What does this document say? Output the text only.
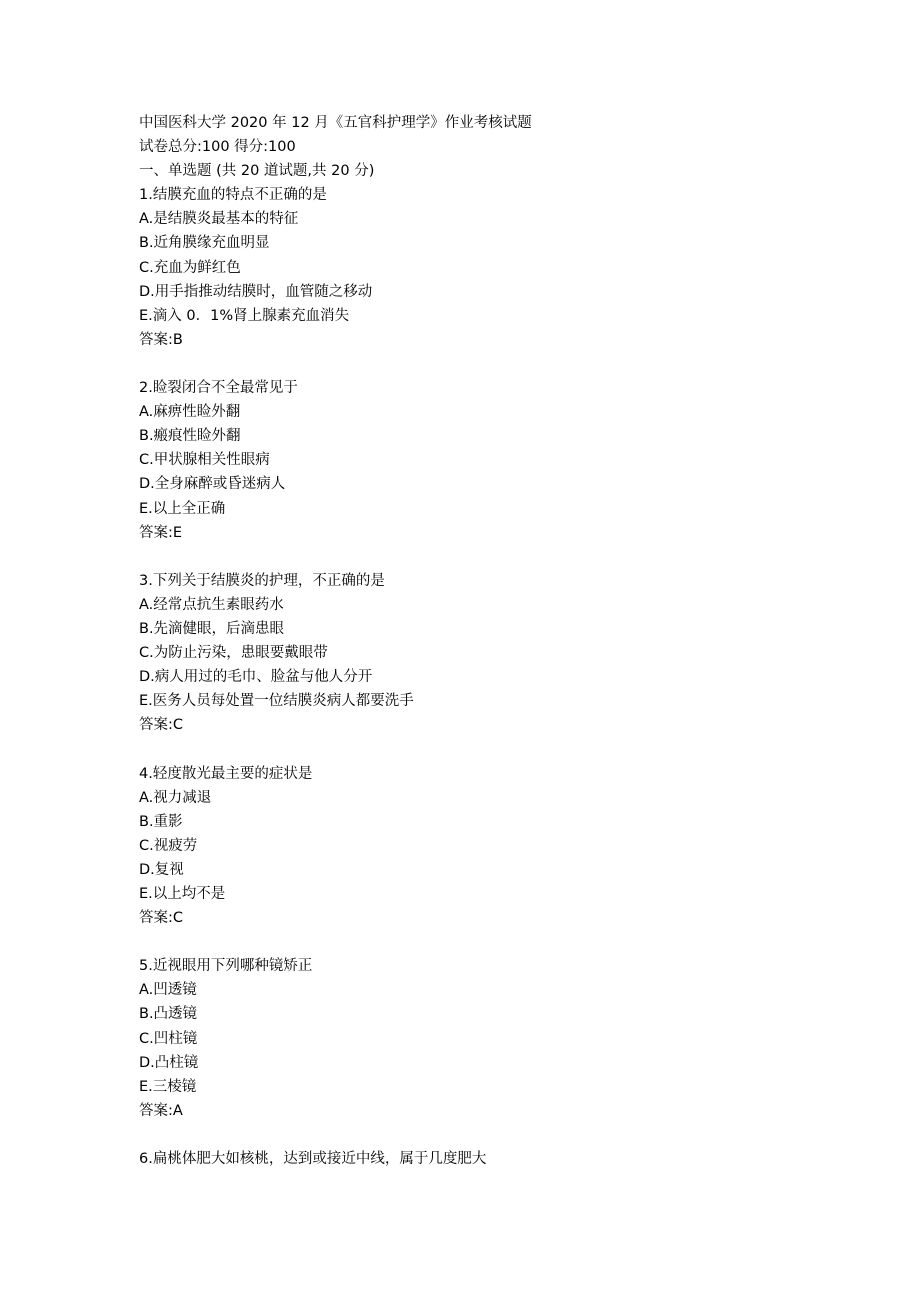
中国医科大学 2020 年 12 月《五官科护理学》作业考核试题
试卷总分:100 得分:100
一、单选题 (共 20 道试题,共 20 分)
1.结膜充血的特点不正确的是
A.是结膜炎最基本的特征
B.近角膜缘充血明显
C.充血为鲜红色
D.用手指推动结膜时，血管随之移动
E.滴入 0．1%肾上腺素充血消失
答案:B
2.睑裂闭合不全最常见于
A.麻痹性睑外翻
B.瘢痕性睑外翻
C.甲状腺相关性眼病
D.全身麻醉或昏迷病人
E.以上全正确
答案:E
3.下列关于结膜炎的护理，不正确的是
A.经常点抗生素眼药水
B.先滴健眼，后滴患眼
C.为防止污染，患眼要戴眼带
D.病人用过的毛巾、脸盆与他人分开
E.医务人员每处置一位结膜炎病人都要洗手
答案:C
4.轻度散光最主要的症状是
A.视力减退
B.重影
C.视疲劳
D.复视
E.以上均不是
答案:C
5.近视眼用下列哪种镜矫正
A.凹透镜
B.凸透镜
C.凹柱镜
D.凸柱镜
E.三棱镜
答案:A
6.扁桃体肥大如核桃，达到或接近中线，属于几度肥大
